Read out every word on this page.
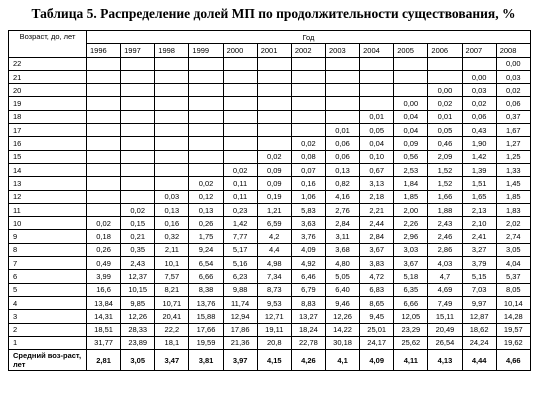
Таблица 5. Распределение долей МП по продолжительности существования, %
Возраст, до, лет	Год												
	1996	1997	1998	1999	2000	2001	2002	2003	2004	2005	2006	2007	2008
22													0,00
21												0,00	0,03
20											0,00	0,03	0,02
19										0,00	0,02	0,02	0,06
18									0,01	0,04	0,01	0,06	0,37
17								0,01	0,05	0,04	0,05	0,43	1,67
16							0,02	0,06	0,04	0,09	0,46	1,90	1,27
15						0,02	0,08	0,06	0,10	0,56	2,09	1,42	1,25
14					0,02	0,09	0,07	0,13	0,67	2,53	1,52	1,39	1,33
13				0,02	0,11	0,09	0,16	0,82	3,13	1,84	1,52	1,51	1,45
12			0,03	0,12	0,11	0,19	1,06	4,16	2,18	1,85	1,66	1,65	1,85
11		0,02	0,13	0,13	0,23	1,21	5,83	2,76	2,21	2,00	1,88	2,13	1,83
10	0,02	0,15	0,16	0,26	1,42	6,59	3,63	2,84	2,44	2,26	2,43	2,10	2,02
9	0,18	0,21	0,32	1,75	7,77	4,2	3,76	3,11	2,84	2,96	2,46	2,41	2,74
8	0,26	0,35	2,11	9,24	5,17	4,4	4,09	3,68	3,67	3,03	2,86	3,27	3,05
7	0,49	2,43	10,1	6,54	5,16	4,98	4,92	4,80	3,83	3,67	4,03	3,79	4,04
6	3,99	12,37	7,57	6,66	6,23	7,34	6,46	5,05	4,72	5,18	4,7	5,15	5,37
5	16,6	10,15	8,21	8,38	9,88	8,73	6,79	6,40	6,83	6,35	4,69	7,03	8,05
4	13,84	9,85	10,71	13,76	11,74	9,53	8,83	9,46	8,65	6,66	7,49	9,97	10,14
3	14,31	12,26	20,41	15,88	12,94	12,71	13,27	12,26	9,45	12,05	15,11	12,87	14,28
2	18,51	28,33	22,2	17,66	17,86	19,11	18,24	14,22	25,01	23,29	20,49	18,62	19,57
1	31,77	23,89	18,1	19,59	21,36	20,8	22,78	30,18	24,17	25,62	26,54	24,24	19,62
Средний воз-раст, лет	2,81	3,05	3,47	3,81	3,97	4,15	4,26	4,1	4,09	4,11	4,13	4,44	4,66
